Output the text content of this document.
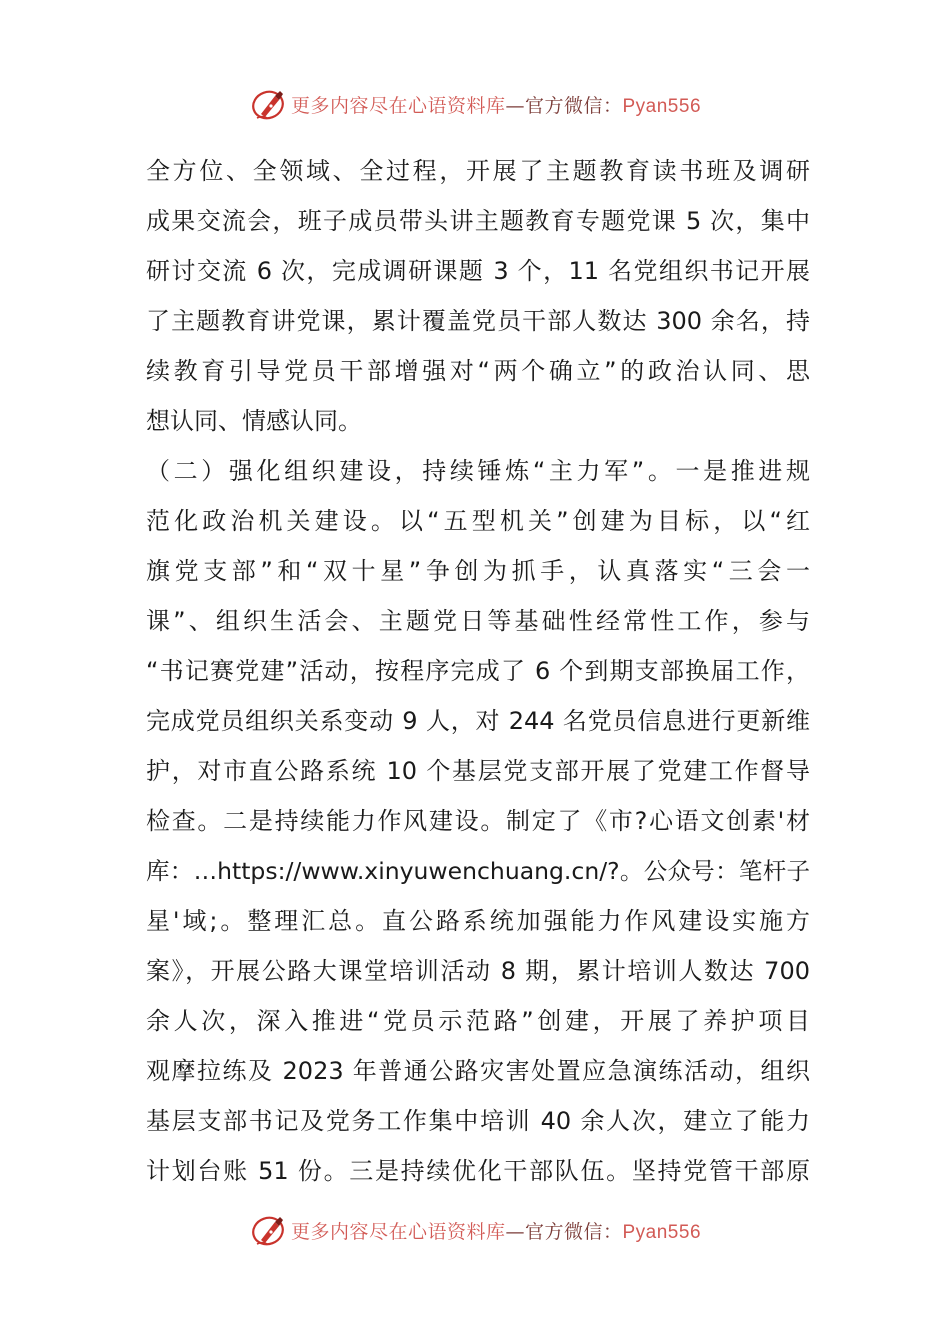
更多内容尽在心语资料库—官方微信：Pyan556
全方位、全领域、全过程，开展了主题教育读书班及调研
成果交流会，班子成员带头讲主题教育专题党课 5 次，集中
研讨交流 6 次，完成调研课题 3 个，11 名党组织书记开展
了主题教育讲党课，累计覆盖党员干部人数达 300 余名，持
续教育引导党员干部增强对“两个确立”的政治认同、思
想认同、情感认同。
（二）强化组织建设，持续锤炼“主力军”。一是推进规
范化政治机关建设。以“五型机关”创建为目标，以“红
旗党支部”和“双十星”争创为抓手，认真落实“三会一
课”、组织生活会、主题党日等基础性经常性工作，参与
“书记赛党建”活动，按程序完成了 6 个到期支部换届工作，
完成党员组织关系变动 9 人，对 244 名党员信息进行更新维
护，对市直公路系统 10 个基层党支部开展了党建工作督导
检查。二是持续能力作风建设。制定了《市?心语文创素'材
库：…https://www.xinyuwenchuang.cn/?。公众号：笔杆子
星'域;。整理汇总。直公路系统加强能力作风建设实施方
案》，开展公路大课堂培训活动 8 期，累计培训人数达 700
余人次，深入推进“党员示范路”创建，开展了养护项目
观摩拉练及 2023 年普通公路灾害处置应急演练活动，组织
基层支部书记及党务工作集中培训 40 余人次，建立了能力
计划台账 51 份。三是持续优化干部队伍。坚持党管干部原
更多内容尽在心语资料库—官方微信：Pyan556
